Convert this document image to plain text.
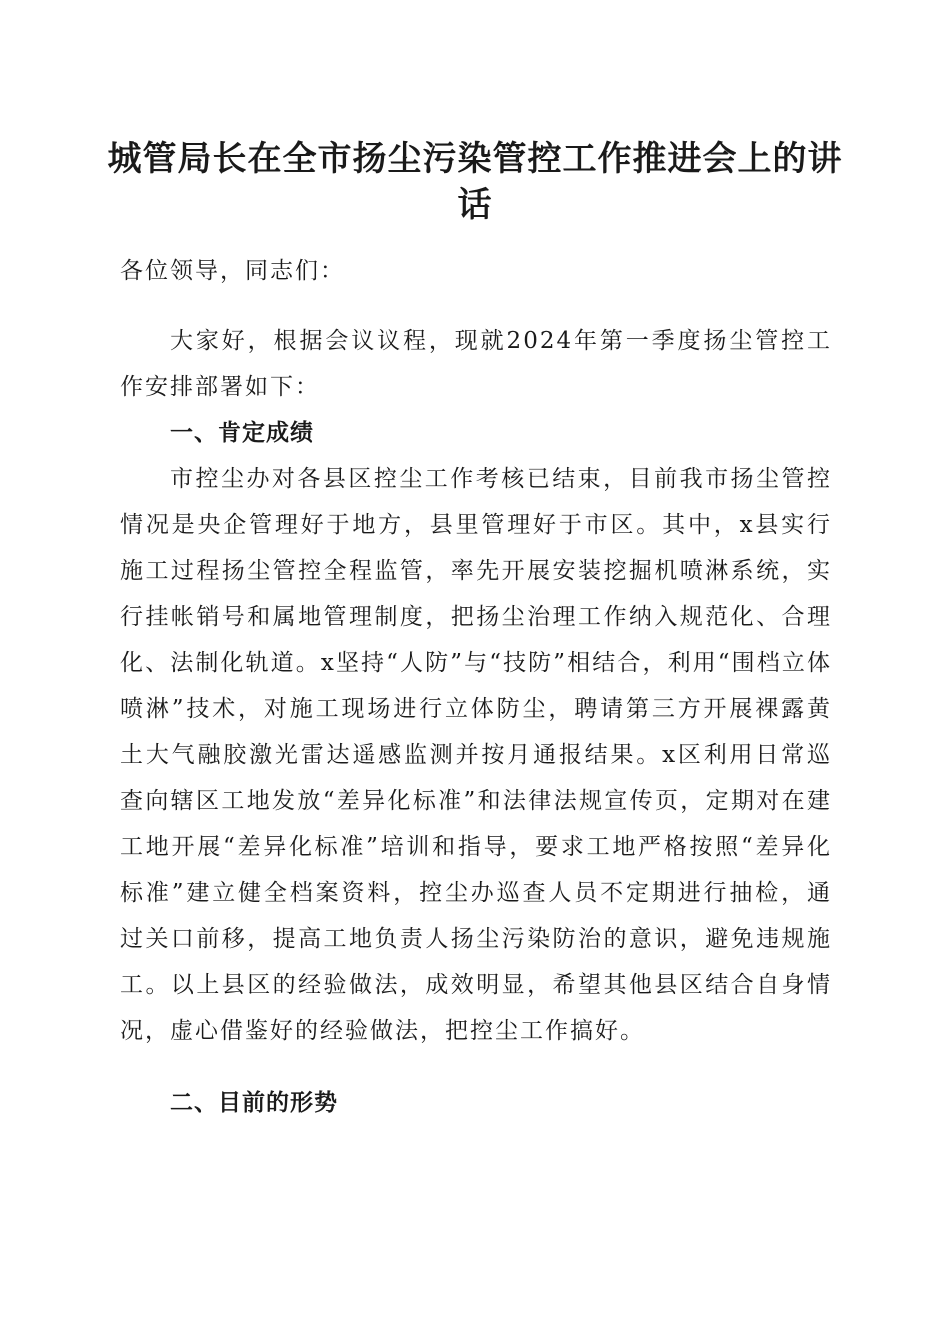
城管局长在全市扬尘污染管控工作推进会上的讲话

各位领导，同志们：

大家好，根据会议议程，现就2024年第一季度扬尘管控工作安排部署如下：

一、肯定成绩

市控尘办对各县区控尘工作考核已结束，目前我市扬尘管控情况是央企管理好于地方，县里管理好于市区。其中，x县实行施工过程扬尘管控全程监管，率先开展安装挖掘机喷淋系统，实行挂帐销号和属地管理制度，把扬尘治理工作纳入规范化、合理化、法制化轨道。x坚持“人防”与“技防”相结合，利用“围档立体喷淋”技术，对施工现场进行立体防尘，聘请第三方开展裸露黄土大气融胶激光雷达遥感监测并按月通报结果。x区利用日常巡查向辖区工地发放“差异化标准”和法律法规宣传页，定期对在建工地开展“差异化标准”培训和指导，要求工地严格按照“差异化标准”建立健全档案资料，控尘办巡查人员不定期进行抽检，通过关口前移，提高工地负责人扬尘污染防治的意识，避免违规施工。以上县区的经验做法，成效明显，希望其他县区结合自身情况，虚心借鉴好的经验做法，把控尘工作搞好。

二、目前的形势
